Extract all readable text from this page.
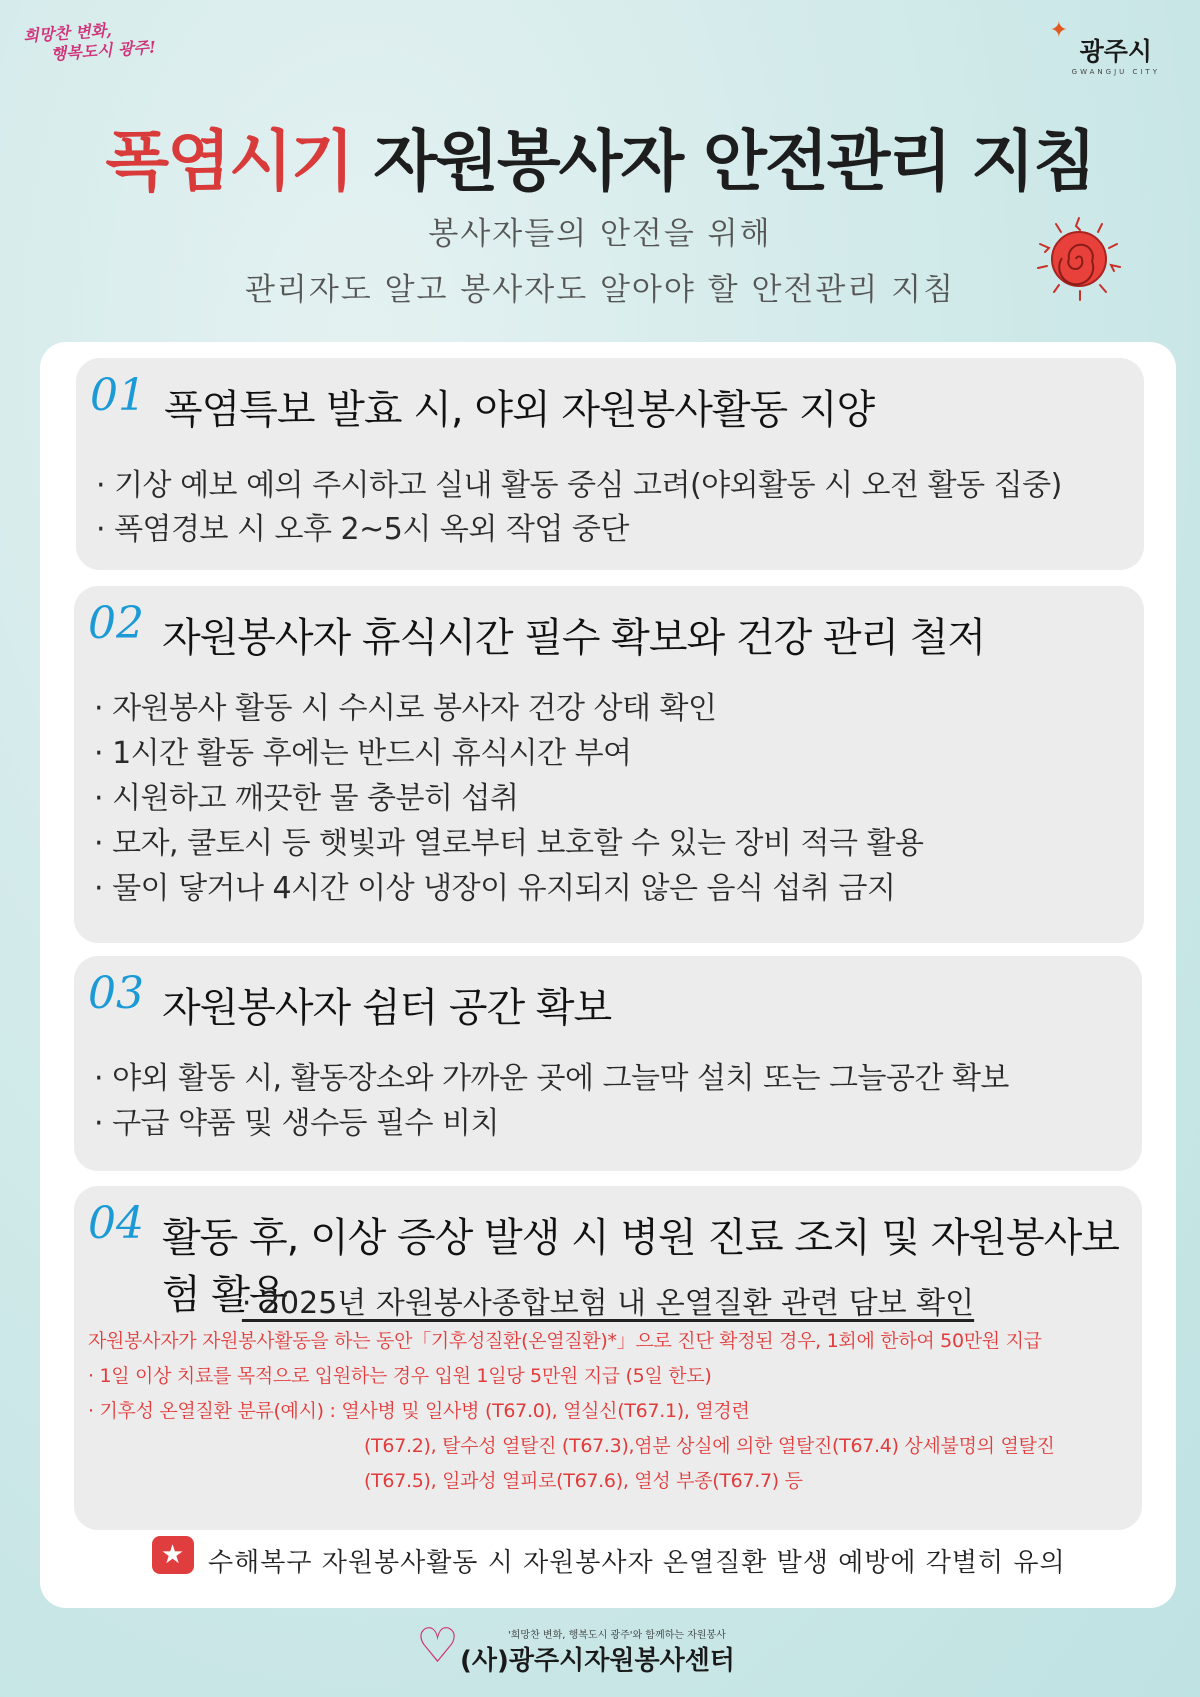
희망찬 변화,
행복도시 광주!
✦
광주시
GWANGJU CITY
폭염시기 자원봉사자 안전관리 지침
봉사자들의 안전을 위해
관리자도 알고 봉사자도 알아야 할 안전관리 지침
01 폭염특보 발효 시, 야외 자원봉사활동 지양
· 기상 예보 예의 주시하고 실내 활동 중심 고려(야외활동 시 오전 활동 집중)
· 폭염경보 시 오후 2~5시 옥외 작업 중단
02 자원봉사자 휴식시간 필수 확보와 건강 관리 철저
· 자원봉사 활동 시 수시로 봉사자 건강 상태 확인
· 1시간 활동 후에는 반드시 휴식시간 부여
· 시원하고 깨끗한 물 충분히 섭취
· 모자, 쿨토시 등 햇빛과 열로부터 보호할 수 있는 장비 적극 활용
· 물이 닿거나 4시간 이상 냉장이 유지되지 않은 음식 섭취 금지
03 자원봉사자 쉼터 공간 확보
· 야외 활동 시, 활동장소와 가까운 곳에 그늘막 설치 또는 그늘공간 확보
· 구급 약품 및 생수등 필수 비치
04 활동 후, 이상 증상 발생 시 병원 진료 조치 및 자원봉사보험 활용
· 2025년 자원봉사종합보험 내 온열질환 관련 담보 확인
자원봉사자가 자원봉사활동을 하는 동안「기후성질환(온열질환)*」으로 진단 확정된 경우, 1회에 한하여 50만원 지급
· 1일 이상 치료를 목적으로 입원하는 경우 입원 1일당 5만원 지급 (5일 한도)
· 기후성 온열질환 분류(예시) : 열사병 및 일사병 (T67.0), 열실신(T67.1), 열경련
(T67.2), 탈수성 열탈진 (T67.3),염분 상실에 의한 열탈진(T67.4) 상세불명의 열탈진
(T67.5), 일과성 열피로(T67.6), 열성 부종(T67.7) 등
★ 수해복구 자원봉사활동 시 자원봉사자 온열질환 발생 예방에 각별히 유의
♡	'희망찬 변화, 행복도시 광주'와 함께하는 자원봉사
(사)광주시자원봉사센터
